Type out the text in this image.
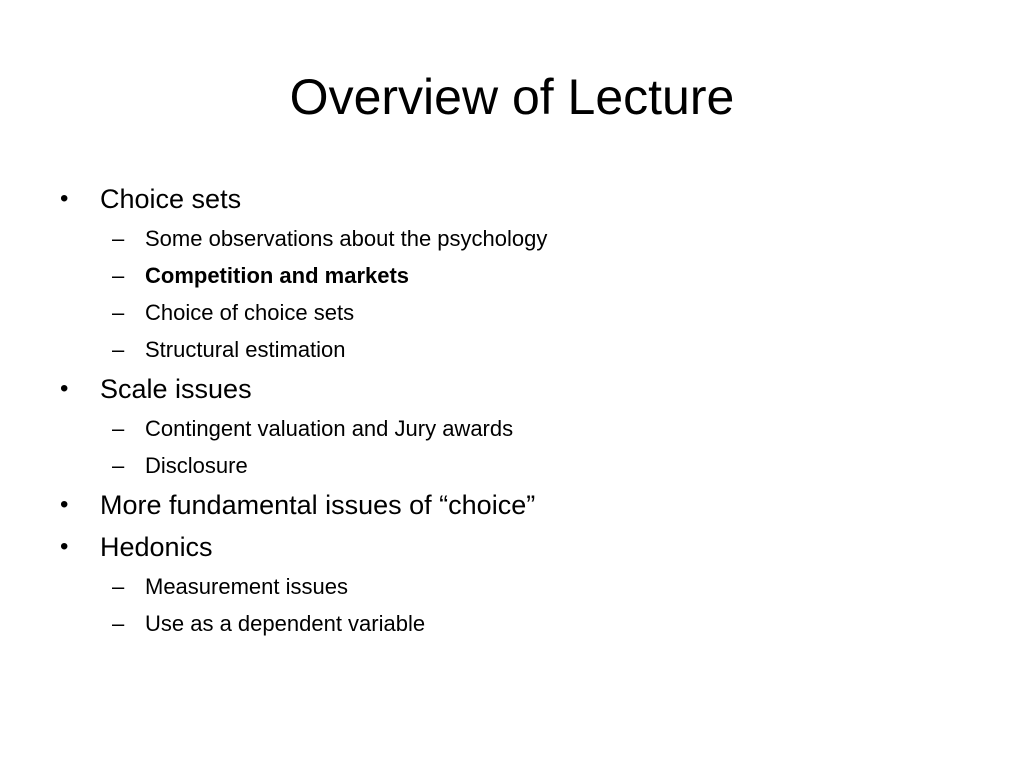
Overview of Lecture
• Choice sets
– Some observations about the psychology
– Competition and markets
– Choice of choice sets
– Structural estimation
• Scale issues
– Contingent valuation and Jury awards
– Disclosure
• More fundamental issues of “choice”
• Hedonics
– Measurement issues
– Use as a dependent variable
